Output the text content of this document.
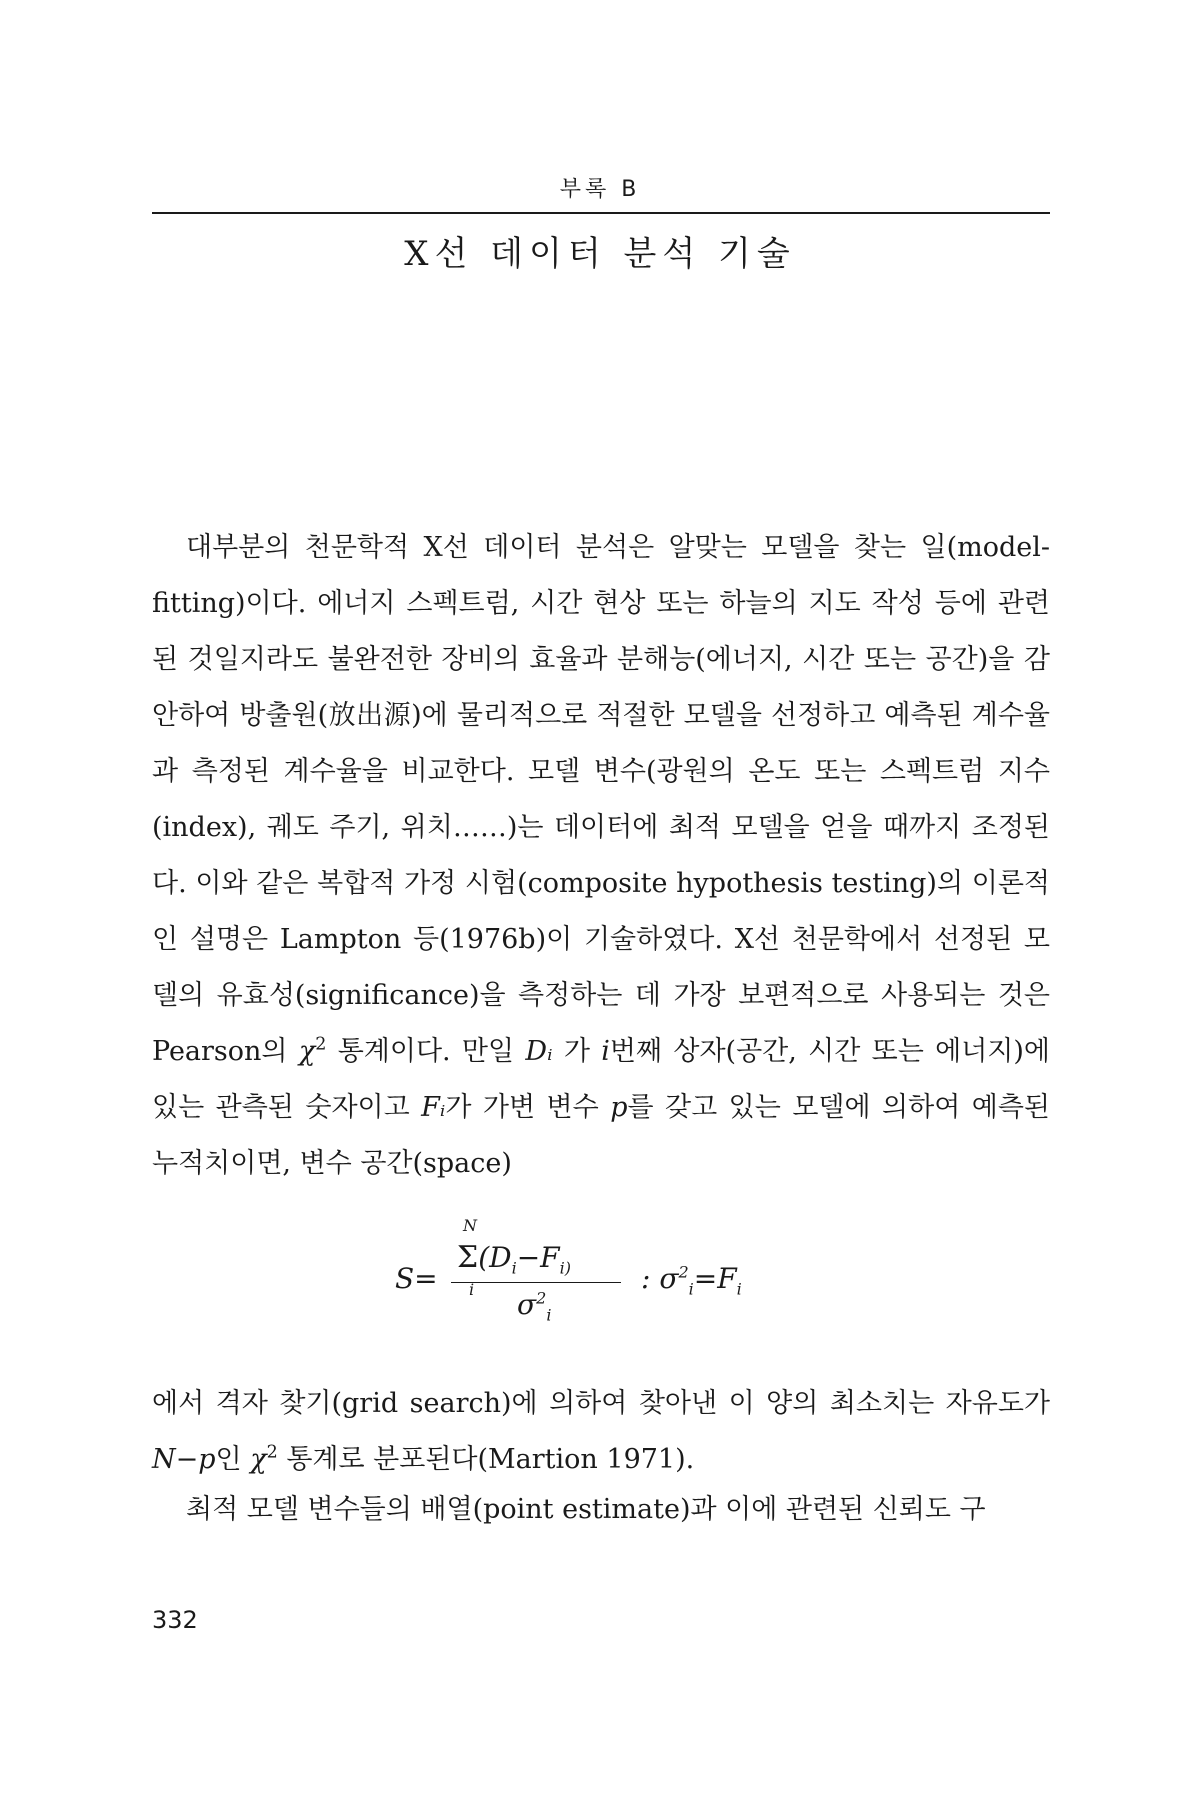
부록 B
X선 데이터 분석 기술

대부분의 천문학적 X선 데이터 분석은 알맞는 모델을 찾는 일(model-fitting)이다. 에너지 스펙트럼, 시간 현상 또는 하늘의 지도 작성 등에 관련된 것일지라도 불완전한 장비의 효율과 분해능(에너지, 시간 또는 공간)을 감안하여 방출원(放出源)에 물리적으로 적절한 모델을 선정하고 예측된 계수율과 측정된 계수율을 비교한다. 모델 변수(광원의 온도 또는 스펙트럼 지수(index), 궤도 주기, 위치……)는 데이터에 최적 모델을 얻을 때까지 조정된다. 이와 같은 복합적 가정 시험(composite hypothesis testing)의 이론적인 설명은 Lampton 등(1976b)이 기술하였다. X선 천문학에서 선정된 모델의 유효성(significance)을 측정하는 데 가장 보편적으로 사용되는 것은 Pearson의 $\chi^2$ 통계이다. 만일 Dᵢ 가 i번째 상자(공간, 시간 또는 에너지)에 있는 관측된 숫자이고 Fᵢ가 가변 변수 p를 갖고 있는 모델에 의하여 예측된 누적치이면, 변수 공간(space)

S=
N
$\Sigma(D_i-F_{i)}$
i $\sigma^2_i$
: $\sigma^2_i=F_i$

에서 격자 찾기(grid search)에 의하여 찾아낸 이 양의 최소치는 자유도가 N−p인 $\chi^2$ 통계로 분포된다(Martion 1971).

최적 모델 변수들의 배열(point estimate)과 이에 관련된 신뢰도 구

332
